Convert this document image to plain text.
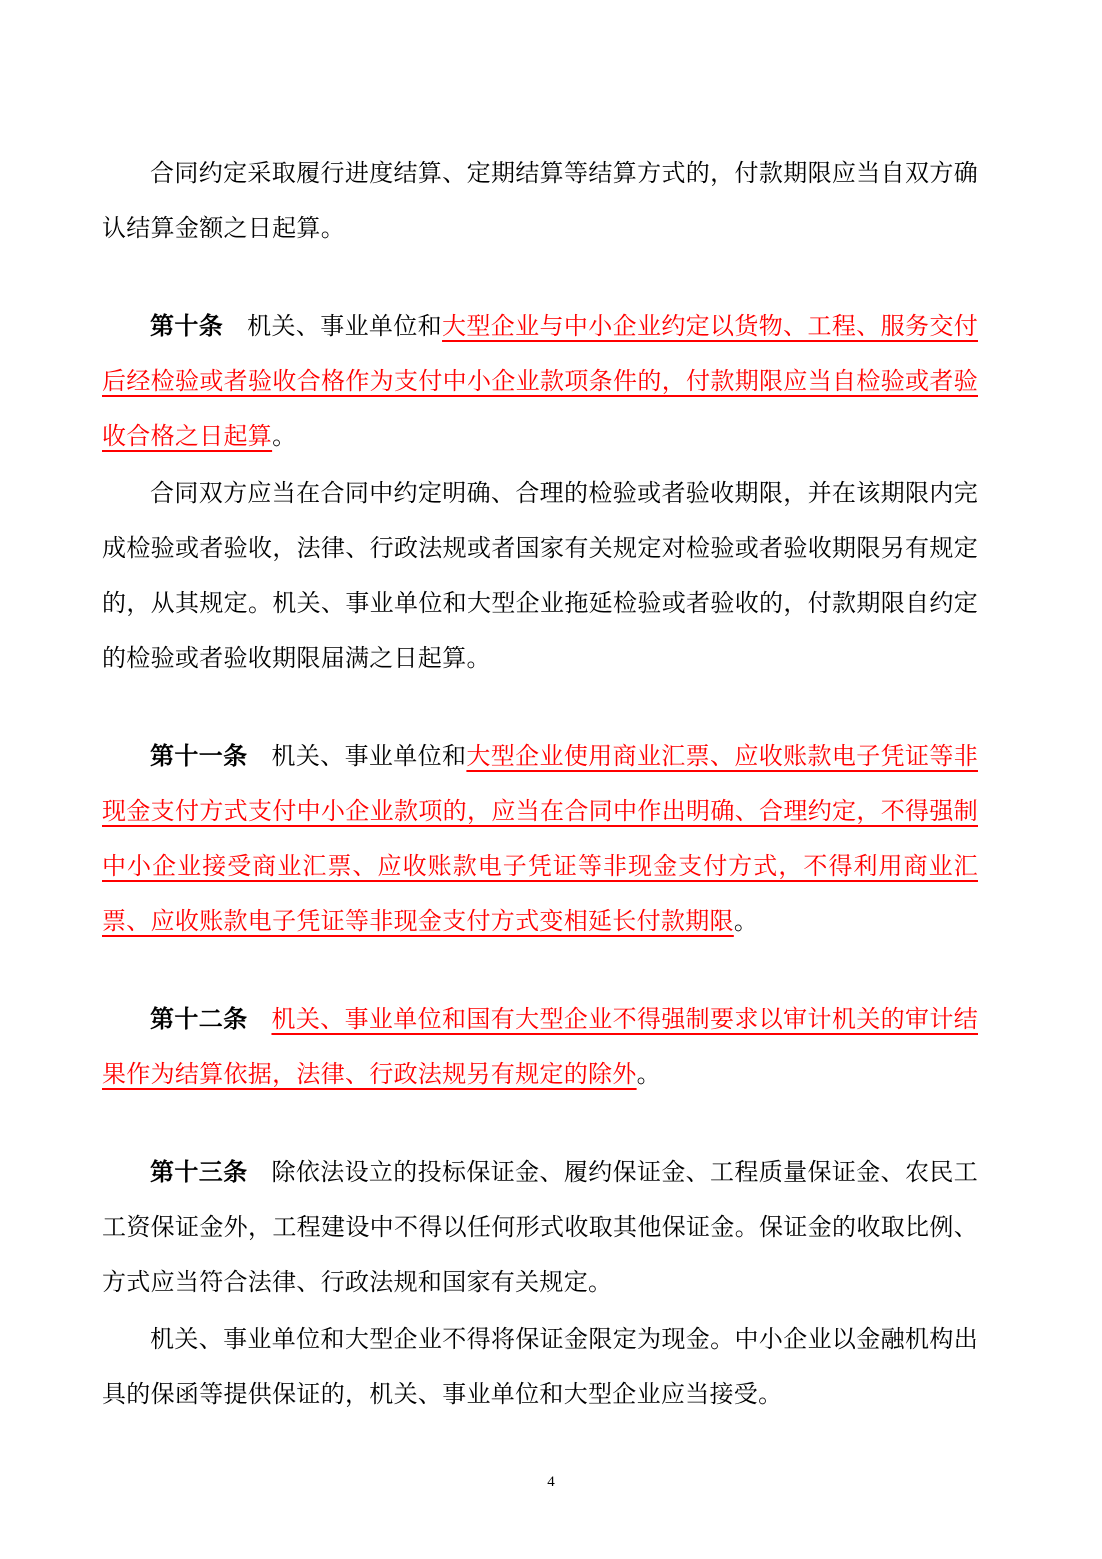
合同约定采取履行进度结算、定期结算等结算方式的，付款期限应当自双方确认结算金额之日起算。

第十条 机关、事业单位和大型企业与中小企业约定以货物、工程、服务交付后经检验或者验收合格作为支付中小企业款项条件的，付款期限应当自检验或者验收合格之日起算。

合同双方应当在合同中约定明确、合理的检验或者验收期限，并在该期限内完成检验或者验收，法律、行政法规或者国家有关规定对检验或者验收期限另有规定的，从其规定。机关、事业单位和大型企业拖延检验或者验收的，付款期限自约定的检验或者验收期限届满之日起算。

第十一条 机关、事业单位和大型企业使用商业汇票、应收账款电子凭证等非现金支付方式支付中小企业款项的，应当在合同中作出明确、合理约定，不得强制中小企业接受商业汇票、应收账款电子凭证等非现金支付方式，不得利用商业汇票、应收账款电子凭证等非现金支付方式变相延长付款期限。

第十二条 机关、事业单位和国有大型企业不得强制要求以审计机关的审计结果作为结算依据，法律、行政法规另有规定的除外。

第十三条 除依法设立的投标保证金、履约保证金、工程质量保证金、农民工工资保证金外，工程建设中不得以任何形式收取其他保证金。保证金的收取比例、方式应当符合法律、行政法规和国家有关规定。

机关、事业单位和大型企业不得将保证金限定为现金。中小企业以金融机构出具的保函等提供保证的，机关、事业单位和大型企业应当接受。

4
